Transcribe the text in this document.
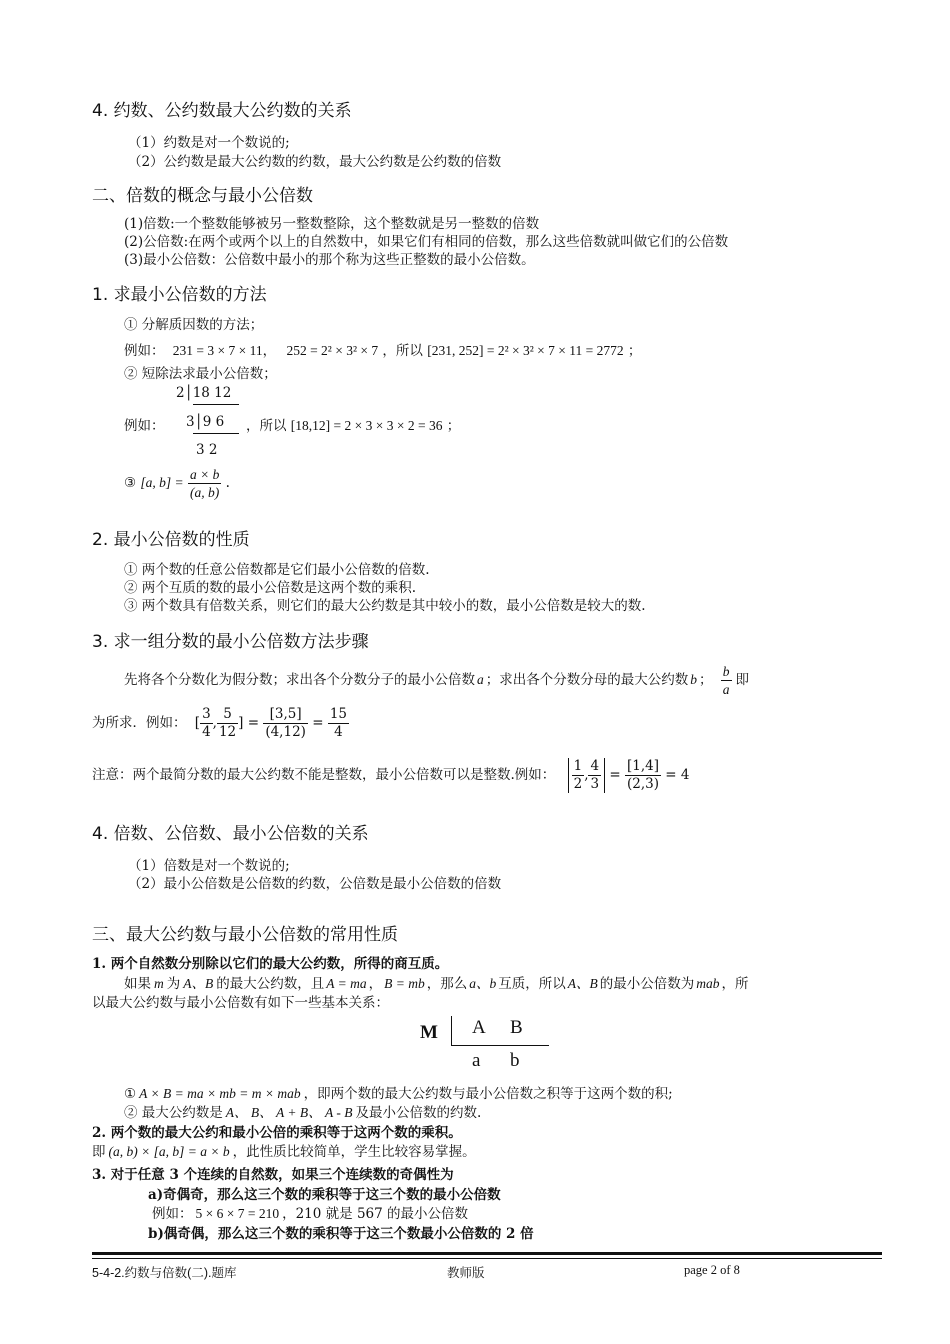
4. 约数、公约数最大公约数的关系
（1）约数是对一个数说的;
（2）公约数是最大公约数的约数，最大公约数是公约数的倍数
二、倍数的概念与最小公倍数
(1)倍数:一个整数能够被另一整数整除，这个整数就是另一整数的倍数
(2)公倍数:在两个或两个以上的自然数中，如果它们有相同的倍数，那么这些倍数就叫做它们的公倍数
(3)最小公倍数：公倍数中最小的那个称为这些正整数的最小公倍数。
1. 求最小公倍数的方法
① 分解质因数的方法；
例如： 231 = 3 × 7 × 11， 252 = 2² × 3² × 7 ，所以 [231, 252] = 2² × 3² × 7 × 11 = 2772 ；
② 短除法求最小公倍数；
2│18 12
例如： 3│9 6
3 2
，所以 [18,12] = 2 × 3 × 3 × 2 = 36 ；
③ [a, $b] = \frac{a \times b}{(a, b)}$ .
2. 最小公倍数的性质
① 两个数的任意公倍数都是它们最小公倍数的倍数.
② 两个互质的数的最小公倍数是这两个数的乘积.
③ 两个数具有倍数关系，则它们的最大公约数是其中较小的数，最小公倍数是较大的数.
3. 求一组分数的最小公倍数方法步骤
先将各个分数化为假分数；求出各个分数分子的最小公倍数 a ；求出各个分数分母的最大公约数 b ； $\frac{b}{a}$ 即
为所求．例如： [ $\frac{3}{4}$ , $\frac{5}{12}$ ] = $\frac{[3,5]}{(4,12)} = \frac{15}{4}$
注意：两个最简分数的最大公约数不能是整数，最小公倍数可以是整数.例如： $\frac{1}{2}$ , $\frac{4}{3} = \frac{[1,4]}{(2,3)} = 4$
4. 倍数、公倍数、最小公倍数的关系
（1）倍数是对一个数说的;
（2）最小公倍数是公倍数的约数，公倍数是最小公倍数的倍数
三、最大公约数与最小公倍数的常用性质
1. 两个自然数分别除以它们的最大公约数，所得的商互质。
如果 m 为 A、B 的最大公约数，且 A = ma ， B = mb ，那么 a、b 互质，所以 A、B 的最小公倍数为 mab ，所
以最大公约数与最小公倍数有如下一些基本关系：
M A B
a b
① A × B = ma × mb = m × mab ，即两个数的最大公约数与最小公倍数之积等于这两个数的积;
② 最大公约数是 A、 B、 A + B、 A - B 及最小公倍数的约数.
2. 两个数的最大公约和最小公倍的乘积等于这两个数的乘积。
即 (a, b) × [a, b] = a × b ，此性质比较简单，学生比较容易掌握。
3. 对于任意 3 个连续的自然数，如果三个连续数的奇偶性为
a)奇偶奇，那么这三个数的乘积等于这三个数的最小公倍数
例如： 5 × 6 × 7 = 210 ，210 就是 567 的最小公倍数
b)偶奇偶，那么这三个数的乘积等于这三个数最小公倍数的 2 倍
5-4-2.约数与倍数(二).题库	教师版	page 2 of 8
